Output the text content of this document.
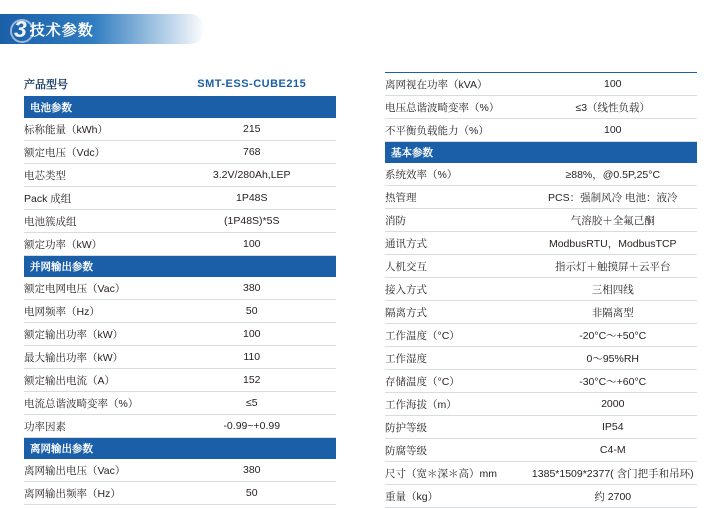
3 技术参数
产品型号	SMT-ESS-CUBE215
电池参数	
标称能量（kWh）	215
额定电压（Vdc）	768
电芯类型	3.2V/280Ah,LEP
Pack 成组	1P48S
电池簇成组	(1P48S)*5S
额定功率（kW）	100
并网输出参数	
额定电网电压（Vac）	380
电网频率（Hz）	50
额定输出功率（kW）	100
最大输出功率（kW）	110
额定输出电流（A）	152
电流总谐波畸变率（%）	≤5
功率因素	-0.99~+0.99
离网输出参数	
离网输出电压（Vac）	380
离网输出频率（Hz）	50
离网视在功率（kVA）	100
电压总谐波畸变率（%）	≤3（线性负载）
不平衡负载能力（%）	100
基本参数	
系统效率（%）	≥88%，@0.5P,25°C
热管理	PCS：强制风冷 电池：液冷
消防	气溶胶＋全氟己酮
通讯方式	ModbusRTU，ModbusTCP
人机交互	指示灯＋触摸屏＋云平台
接入方式	三相四线
隔离方式	非隔离型
工作温度（°C）	-20°C～+50°C
工作湿度	0～95%RH
存储温度（°C）	-30°C～+60°C
工作海拔（m）	2000
防护等级	IP54
防腐等级	C4-M
尺寸（宽＊深＊高）mm	1385*1509*2377( 含门把手和吊环)
重量（kg）	约 2700
